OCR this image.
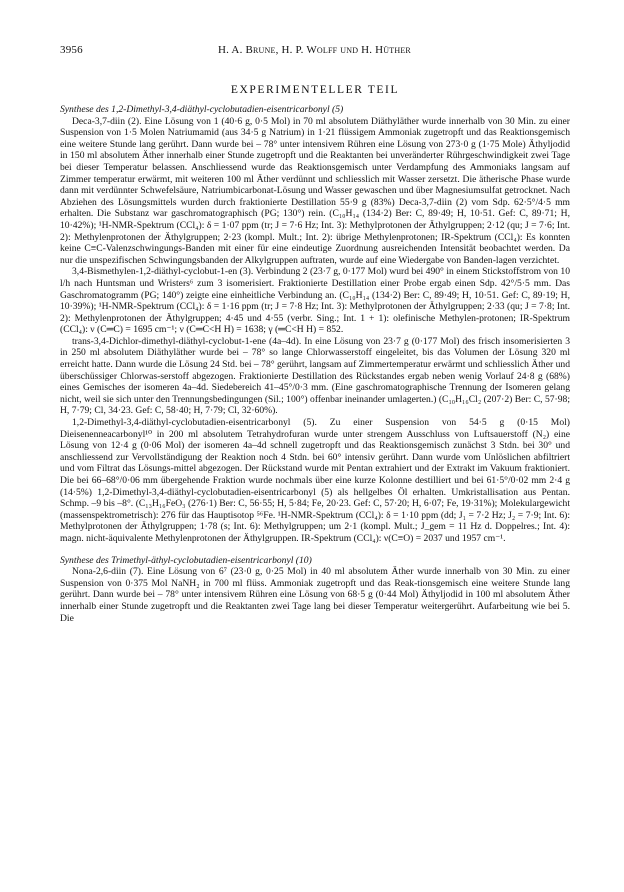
3956	H. A. Brune, H. P. Wolff und H. Hüther
EXPERIMENTELLER TEIL

Synthese des 1,2-Dimethyl-3,4-diäthyl-cyclobutadien-eisentricarbonyl (5)

Deca-3,7-diin (2). Eine Lösung von 1 (40·6 g, 0·5 Mol) in 70 ml absolutem Diäthyläther wurde innerhalb von 30 Min. zu einer Suspension von 1·5 Molen Natriumamid (aus 34·5 g Natrium) in 1·21 flüssigem Ammoniak zugetropft und das Reaktionsgemisch eine weitere Stunde lang gerührt. Dann wurde bei – 78° unter intensivem Rühren eine Lösung von 273·0 g (1·75 Mole) Äthyljodid in 150 ml absolutem Äther innerhalb einer Stunde zugetropft und die Reaktanten bei unveränderter Rührgeschwindigkeit zwei Tage bei dieser Temperatur belassen. Anschliessend wurde das Reaktionsgemisch unter Verdampfung des Ammoniaks langsam auf Zimmer temperatur erwärmt, mit weiteren 100 ml Äther verdünnt und schliesslich mit Wasser zersetzt. Die ätherische Phase wurde dann mit verdünnter Schwefelsäure, Natriumbicarbonat-Lösung und Wasser gewaschen und über Magnesiumsulfat getrocknet. Nach Abziehen des Lösungsmittels wurden durch fraktionierte Destillation 55·9 g (83%) Deca-3,7-diin (2) vom Sdp. 62·5°/4·5 mm erhalten. Die Substanz war gaschromatographisch (PG; 130°) rein. (C₁₀H₁₄ (134·2) Ber: C, 89·49; H, 10·51. Gef: C, 89·71; H, 10·42%); ¹H-NMR-Spektrum (CCl₄): δ = 1·07 ppm (tr; J = 7·6 Hz; Int. 3): Methylprotonen der Äthylgruppen; 2·12 (qu; J = 7·6; Int. 2): Methylenprotonen der Äthylgruppen; 2·23 (kompl. Mult.; Int. 2): übrige Methylenprotonen; IR-Spektrum (CCl₄): Es konnten keine C≡C-Valenzschwingungs-Banden mit einer für eine eindeutige Zuordnung ausreichenden Intensität beobachtet werden. Da nur die unspezifischen Schwingungsbanden der Alkylgruppen auftraten, wurde auf eine Wiedergabe von Banden-lagen verzichtet.

3,4-Bismethylen-1,2-diäthyl-cyclobut-1-en (3). Verbindung 2 (23·7 g, 0·177 Mol) wurd bei 490° in einem Stickstoffstrom von 10 l/h nach Huntsman und Wristers⁶ zum 3 isomerisiert. Fraktionierte Destillation einer Probe ergab einen Sdp. 42°/5·5 mm. Das Gaschromatogramm (PG; 140°) zeigte eine einheitliche Verbindung an. (C₁₀H₁₄ (134·2) Ber: C, 89·49; H, 10·51. Gef: C, 89·19; H, 10·39%); ¹H-NMR-Spektrum (CCl₄): δ = 1·16 ppm (tr; J = 7·8 Hz; Int. 3): Methylprotonen der Äthylgruppen; 2·33 (qu; J = 7·8; Int. 2): Methylenprotonen der Äthylgruppen; 4·45 und 4·55 (verbr. Sing.; Int. 1 + 1): olefinische Methylen-protonen; IR-Spektrum (CCl₄): ν (C═C) = 1695 cm⁻¹; ν (C═C<H H) = 1638; γ (═C<H H) = 852.

trans-3,4-Dichlor-dimethyl-diäthyl-cyclobut-1-ene (4a–4d). In eine Lösung von 23·7 g (0·177 Mol) des frisch insomerisierten 3 in 250 ml absolutem Diäthyläther wurde bei – 78° so lange Chlorwasserstoff eingeleitet, bis das Volumen der Lösung 320 ml erreicht hatte. Dann wurde die Lösung 24 Std. bei – 78° gerührt, langsam auf Zimmertemperatur erwärmt und schliesslich Äther und überschüssiger Chlorwas-serstoff abgezogen. Fraktionierte Destillation des Rückstandes ergab neben wenig Vorlauf 24·8 g (68%) eines Gemisches der isomeren 4a–4d. Siedebereich 41–45°/0·3 mm. (Eine gaschromatographische Trennung der Isomeren gelang nicht, weil sie sich unter den Trennungsbedingungen (Sil.; 100°) offenbar ineinander umlagerten.) (C₁₀H₁₆Cl₂ (207·2) Ber: C, 57·98; H, 7·79; Cl, 34·23. Gef: C, 58·40; H, 7·79; Cl, 32·60%).

1,2-Dimethyl-3,4-diäthyl-cyclobutadien-eisentricarbonyl (5). Zu einer Suspension von 54·5 g (0·15 Mol) Dieisenenneacarbonyl¹⁰ in 200 ml absolutem Tetrahydrofuran wurde unter strengem Ausschluss von Luftsauerstoff (N₂) eine Lösung von 12·4 g (0·06 Mol) der isomeren 4a–4d schnell zugetropft und das Reaktionsgemisch zunächst 3 Stdn. bei 30° und anschliessend zur Vervollständigung der Reaktion noch 4 Stdn. bei 60° intensiv gerührt. Dann wurde vom Unlöslichen abfiltriert und vom Filtrat das Lösungs-mittel abgezogen. Der Rückstand wurde mit Pentan extrahiert und der Extrakt im Vakuum fraktioniert. Die bei 66–68°/0·06 mm übergehende Fraktion wurde nochmals über eine kurze Kolonne destilliert und bei 61·5°/0·02 mm 2·4 g (14·5%) 1,2-Dimethyl-3,4-diäthyl-cyclobutadien-eisentricarbonyl (5) als hellgelbes Öl erhalten. Umkristallisation aus Pentan. Schmp. –9 bis –8°. (C₁₃H₁₆FeO₃ (276·1) Ber: C, 56·55; H, 5·84; Fe, 20·23. Gef: C, 57·20; H, 6·07; Fe, 19·31%); Molekulargewicht (massenspektrometrisch): 276 für das Hauptisotop ⁵⁶Fe. ¹H-NMR-Spektrum (CCl₄): δ = 1·10 ppm (dd; J₁ = 7·2 Hz; J₂ = 7·9; Int. 6): Methylprotonen der Äthylgruppen; 1·78 (s; Int. 6): Methylgruppen; um 2·1 (kompl. Mult.; J_gem = 11 Hz d. Doppelres.; Int. 4): magn. nicht-äquivalente Methylenprotonen der Äthylgruppen. IR-Spektrum (CCl₄): ν(C≡O) = 2037 und 1957 cm⁻¹.

Synthese des Trimethyl-äthyl-cyclobutadien-eisentricarbonyl (10)

Nona-2,6-diin (7). Eine Lösung von 6⁷ (23·0 g, 0·25 Mol) in 40 ml absolutem Äther wurde innerhalb von 30 Min. zu einer Suspension von 0·375 Mol NaNH₂ in 700 ml flüss. Ammoniak zugetropft und das Reak-tionsgemisch eine weitere Stunde lang gerührt. Dann wurde bei – 78° unter intensivem Rühren eine Lösung von 68·5 g (0·44 Mol) Äthyljodid in 100 ml absolutem Äther innerhalb einer Stunde zugetropft und die Reaktanten zwei Tage lang bei dieser Temperatur weitergerührt. Aufarbeitung wie bei 5. Die
